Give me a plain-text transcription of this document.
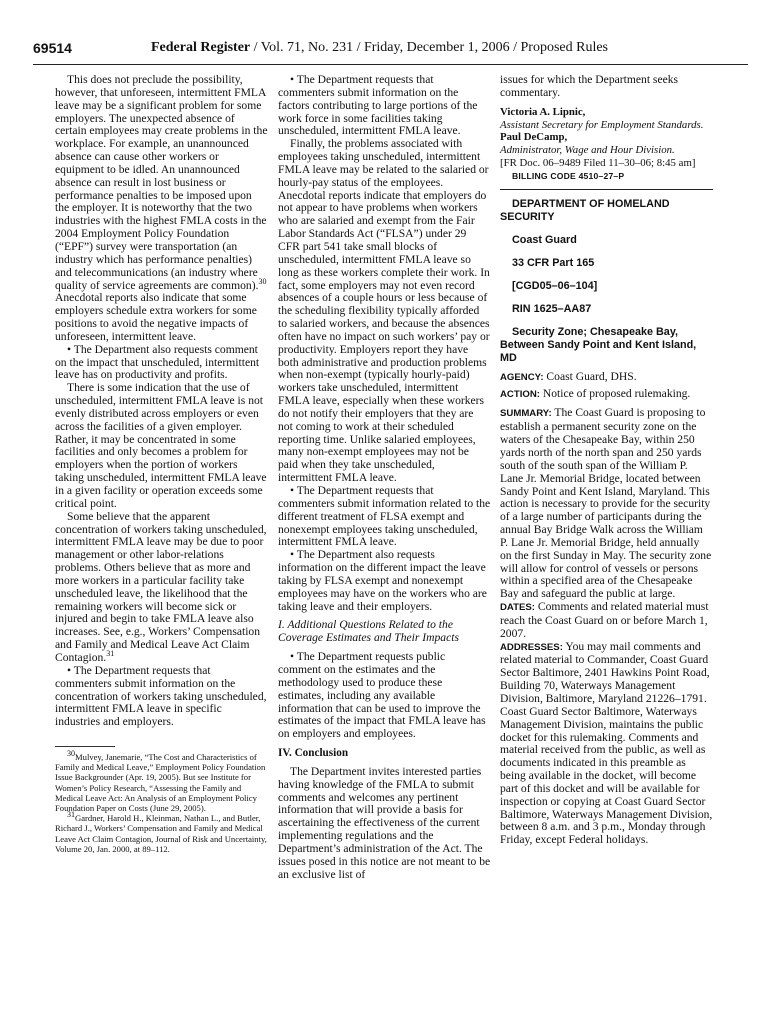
69514	Federal Register / Vol. 71, No. 231 / Friday, December 1, 2006 / Proposed Rules

This does not preclude the possibility, however, that unforeseen, intermittent FMLA leave may be a significant problem for some employers. The unexpected absence of certain employees may create problems in the workplace. For example, an unannounced absence can cause other workers or equipment to be idled. An unannounced absence can result in lost business or performance penalties to be imposed upon the employer. It is noteworthy that the two industries with the highest FMLA costs in the 2004 Employment Policy Foundation (“EPF”) survey were transportation (an industry which has performance penalties) and telecommunications (an industry where quality of service agreements are common).$^{30}$ Anecdotal reports also indicate that some employers schedule extra workers for some positions to avoid the negative impacts of unforeseen, intermittent leave.

• The Department also requests comment on the impact that unscheduled, intermittent leave has on productivity and profits.

There is some indication that the use of unscheduled, intermittent FMLA leave is not evenly distributed across employers or even across the facilities of a given employer. Rather, it may be concentrated in some facilities and only becomes a problem for employers when the portion of workers taking unscheduled, intermittent FMLA leave in a given facility or operation exceeds some critical point.

Some believe that the apparent concentration of workers taking unscheduled, intermittent FMLA leave may be due to poor management or other labor-relations problems. Others believe that as more and more workers in a particular facility take unscheduled leave, the likelihood that the remaining workers will become sick or injured and begin to take FMLA leave also increases. See, e.g., Workers’ Compensation and Family and Medical Leave Act Claim Contagion.$^{31}$

• The Department requests that commenters submit information on the concentration of workers taking unscheduled, intermittent FMLA leave in specific industries and employers.

30Mulvey, Janemarie, “The Cost and Characteristics of Family and Medical Leave,” Employment Policy Foundation Issue Backgrounder (Apr. 19, 2005). But see Institute for Women’s Policy Research, “Assessing the Family and Medical Leave Act: An Analysis of an Employment Policy Foundation Paper on Costs (June 29, 2005).

31Gardner, Harold H., Kleinman, Nathan L., and Butler, Richard J., Workers’ Compensation and Family and Medical Leave Act Claim Contagion, Journal of Risk and Uncertainty, Volume 20, Jan. 2000, at 89–112.

• The Department requests that commenters submit information on the factors contributing to large portions of the work force in some facilities taking unscheduled, intermittent FMLA leave.

Finally, the problems associated with employees taking unscheduled, intermittent FMLA leave may be related to the salaried or hourly-pay status of the employees. Anecdotal reports indicate that employers do not appear to have problems when workers who are salaried and exempt from the Fair Labor Standards Act (“FLSA”) under 29 CFR part 541 take small blocks of unscheduled, intermittent FMLA leave so long as these workers complete their work. In fact, some employers may not even record absences of a couple hours or less because of the scheduling flexibility typically afforded to salaried workers, and because the absences often have no impact on such workers’ pay or productivity. Employers report they have both administrative and production problems when non-exempt (typically hourly-paid) workers take unscheduled, intermittent FMLA leave, especially when these workers do not notify their employers that they are not coming to work at their scheduled reporting time. Unlike salaried employees, many non-exempt employees may not be paid when they take unscheduled, intermittent FMLA leave.

• The Department requests that commenters submit information related to the different treatment of FLSA exempt and nonexempt employees taking unscheduled, intermittent FMLA leave.

• The Department also requests information on the different impact the leave taking by FLSA exempt and nonexempt employees may have on the workers who are taking leave and their employers.

I. Additional Questions Related to the Coverage Estimates and Their Impacts

• The Department requests public comment on the estimates and the methodology used to produce these estimates, including any available information that can be used to improve the estimates of the impact that FMLA leave has on employers and employees.

IV. Conclusion

The Department invites interested parties having knowledge of the FMLA to submit comments and welcomes any pertinent information that will provide a basis for ascertaining the effectiveness of the current implementing regulations and the Department’s administration of the Act. The issues posed in this notice are not meant to be an exclusive list of

issues for which the Department seeks commentary.

Victoria A. Lipnic,

Assistant Secretary for Employment Standards.

Paul DeCamp,

Administrator, Wage and Hour Division.

[FR Doc. 06–9489 Filed 11–30–06; 8:45 am]

BILLING CODE 4510–27–P

DEPARTMENT OF HOMELAND SECURITY

Coast Guard

33 CFR Part 165

[CGD05–06–104]

RIN 1625–AA87

Security Zone; Chesapeake Bay, Between Sandy Point and Kent Island, MD

AGENCY: Coast Guard, DHS.

ACTION: Notice of proposed rulemaking.

SUMMARY: The Coast Guard is proposing to establish a permanent security zone on the waters of the Chesapeake Bay, within 250 yards north of the north span and 250 yards south of the south span of the William P. Lane Jr. Memorial Bridge, located between Sandy Point and Kent Island, Maryland. This action is necessary to provide for the security of a large number of participants during the annual Bay Bridge Walk across the William P. Lane Jr. Memorial Bridge, held annually on the first Sunday in May. The security zone will allow for control of vessels or persons within a specified area of the Chesapeake Bay and safeguard the public at large.

DATES: Comments and related material must reach the Coast Guard on or before March 1, 2007.

ADDRESSES: You may mail comments and related material to Commander, Coast Guard Sector Baltimore, 2401 Hawkins Point Road, Building 70, Waterways Management Division, Baltimore, Maryland 21226–1791. Coast Guard Sector Baltimore, Waterways Management Division, maintains the public docket for this rulemaking. Comments and material received from the public, as well as documents indicated in this preamble as being available in the docket, will become part of this docket and will be available for inspection or copying at Coast Guard Sector Baltimore, Waterways Management Division, between 8 a.m. and 3 p.m., Monday through Friday, except Federal holidays.
